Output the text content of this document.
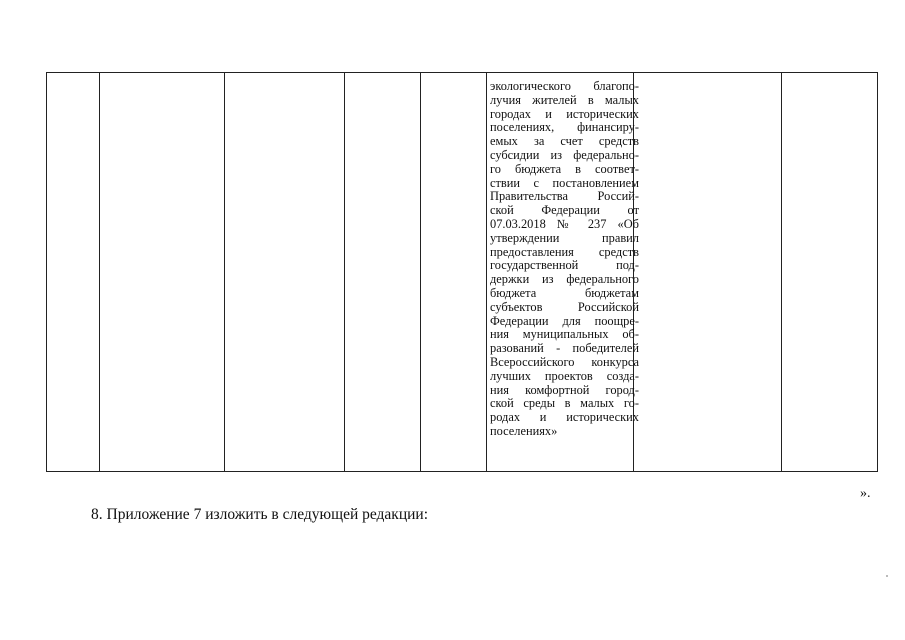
экологического благопо-
лучия жителей в малых
городах и исторических
поселениях, финансиру-
емых за счет средств
субсидии из федерально-
го бюджета в соответ-
ствии с постановлением
Правительства Россий-
ской Федерации от
07.03.2018 № 237 «Об
утверждении правил
предоставления средств
государственной под-
держки из федерального
бюджета бюджетам
субъектов Российской
Федерации для поощре-
ния муниципальных об-
разований - победителей
Всероссийского конкурса
лучших проектов созда-
ния комфортной город-
ской среды в малых го-
родах и исторических
поселениях»
».
8. Приложение 7 изложить в следующей редакции:
